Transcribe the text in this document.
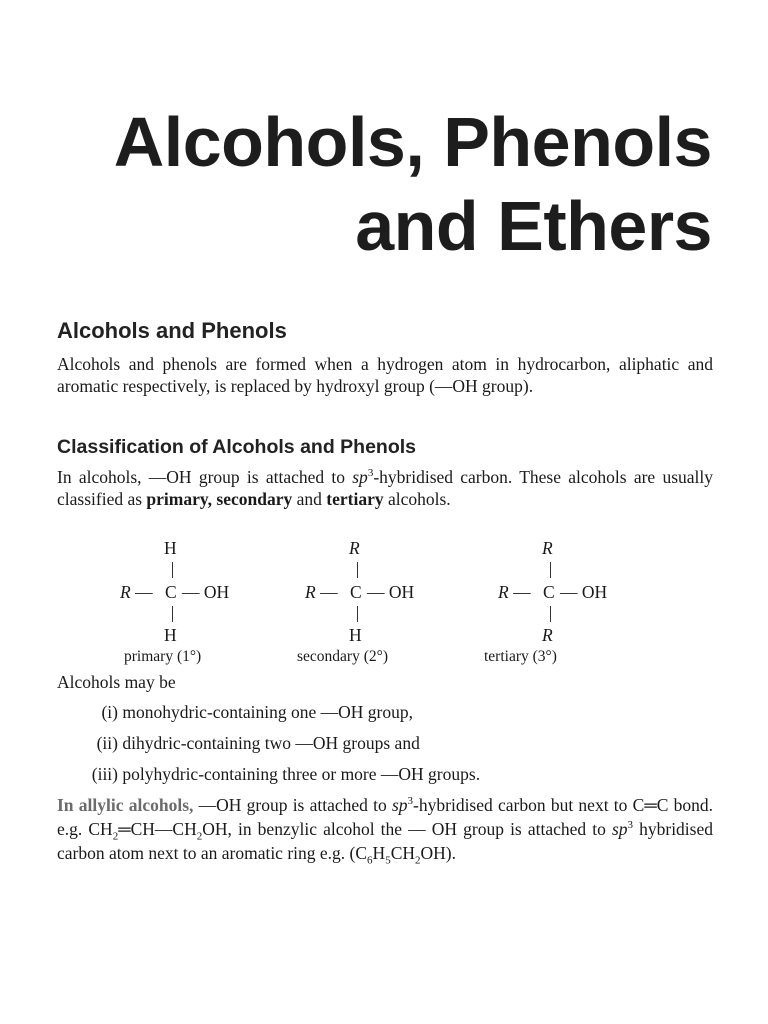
Alcohols, Phenols
and Ethers
Alcohols and Phenols

Alcohols and phenols are formed when a hydrogen atom in hydrocarbon, aliphatic and aromatic respectively, is replaced by hydroxyl group (—OH group).

Classification of Alcohols and Phenols

In alcohols, —OH group is attached to $sp^3$-hybridised carbon. These alcohols are usually classified as primary, secondary and tertiary alcohols.

H
R — C — OH
H
primary (1°)
R
R — C — OH
H
secondary (2°)
R
R — C — OH
R
tertiary (3°)

Alcohols may be

(i) monohydric-containing one —OH group,
(ii) dihydric-containing two —OH groups and
(iii) polyhydric-containing three or more —OH groups.

In allylic alcohols, —OH group is attached to $sp^3$-hybridised carbon but next to C═C bond. e.g. $CH_2═CH—CH_2OH$, in benzylic alcohol the — OH group is attached to $sp^3$ hybridised carbon atom next to an aromatic ring e.g. $(C_6H_5CH_2OH)$.
